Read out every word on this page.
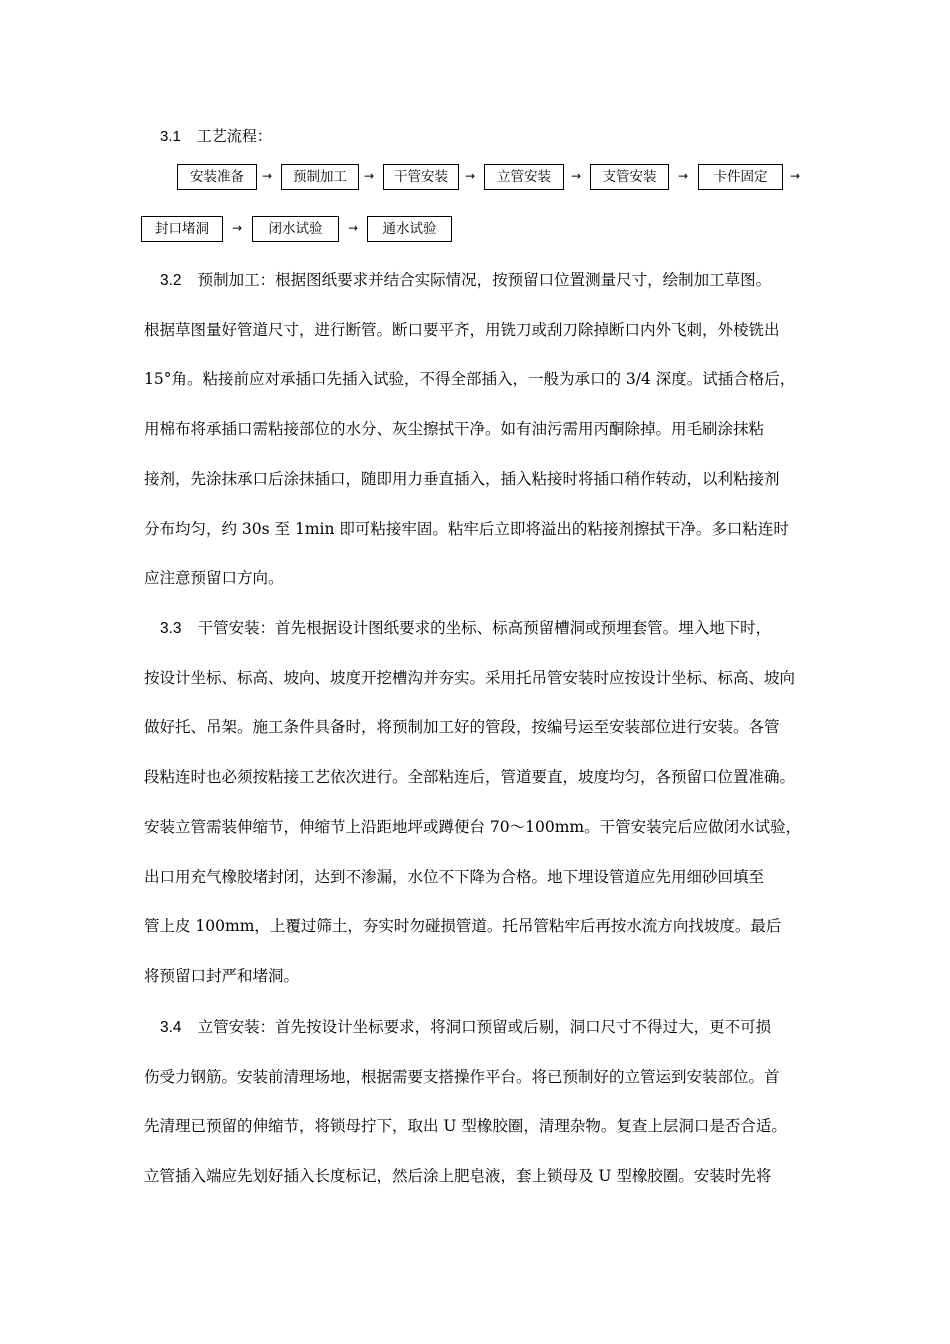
3.1 工艺流程：
安装准备	→	预制加工	→	干管安装	→	立管安装	→	支管安装	→	卡件固定	→
封口堵洞	→	闭水试验	→	通水试验
3.2 预制加工：根据图纸要求并结合实际情况，按预留口位置测量尺寸，绘制加工草图。
根据草图量好管道尺寸，进行断管。断口要平齐，用铣刀或刮刀除掉断口内外飞刺，外棱铣出
15°角。粘接前应对承插口先插入试验，不得全部插入，一般为承口的 3/4 深度。试插合格后，
用棉布将承插口需粘接部位的水分、灰尘擦拭干净。如有油污需用丙酮除掉。用毛刷涂抹粘
接剂，先涂抹承口后涂抹插口，随即用力垂直插入，插入粘接时将插口稍作转动，以利粘接剂
分布均匀，约 30s 至 1min 即可粘接牢固。粘牢后立即将溢出的粘接剂擦拭干净。多口粘连时
应注意预留口方向。
3.3 干管安装：首先根据设计图纸要求的坐标、标高预留槽洞或预埋套管。埋入地下时，
按设计坐标、标高、坡向、坡度开挖槽沟并夯实。采用托吊管安装时应按设计坐标、标高、坡向
做好托、吊架。施工条件具备时，将预制加工好的管段，按编号运至安装部位进行安装。各管
段粘连时也必须按粘接工艺依次进行。全部粘连后，管道要直，坡度均匀，各预留口位置准确。
安装立管需装伸缩节，伸缩节上沿距地坪或蹲便台 70～100mm。干管安装完后应做闭水试验，
出口用充气橡胶堵封闭，达到不渗漏，水位不下降为合格。地下埋设管道应先用细砂回填至
管上皮 100mm，上覆过筛土，夯实时勿碰损管道。托吊管粘牢后再按水流方向找坡度。最后
将预留口封严和堵洞。
3.4 立管安装：首先按设计坐标要求，将洞口预留或后剔，洞口尺寸不得过大，更不可损
伤受力钢筋。安装前清理场地，根据需要支搭操作平台。将已预制好的立管运到安装部位。首
先清理已预留的伸缩节，将锁母拧下，取出 U 型橡胶圈，清理杂物。复查上层洞口是否合适。
立管插入端应先划好插入长度标记，然后涂上肥皂液，套上锁母及 U 型橡胶圈。安装时先将
